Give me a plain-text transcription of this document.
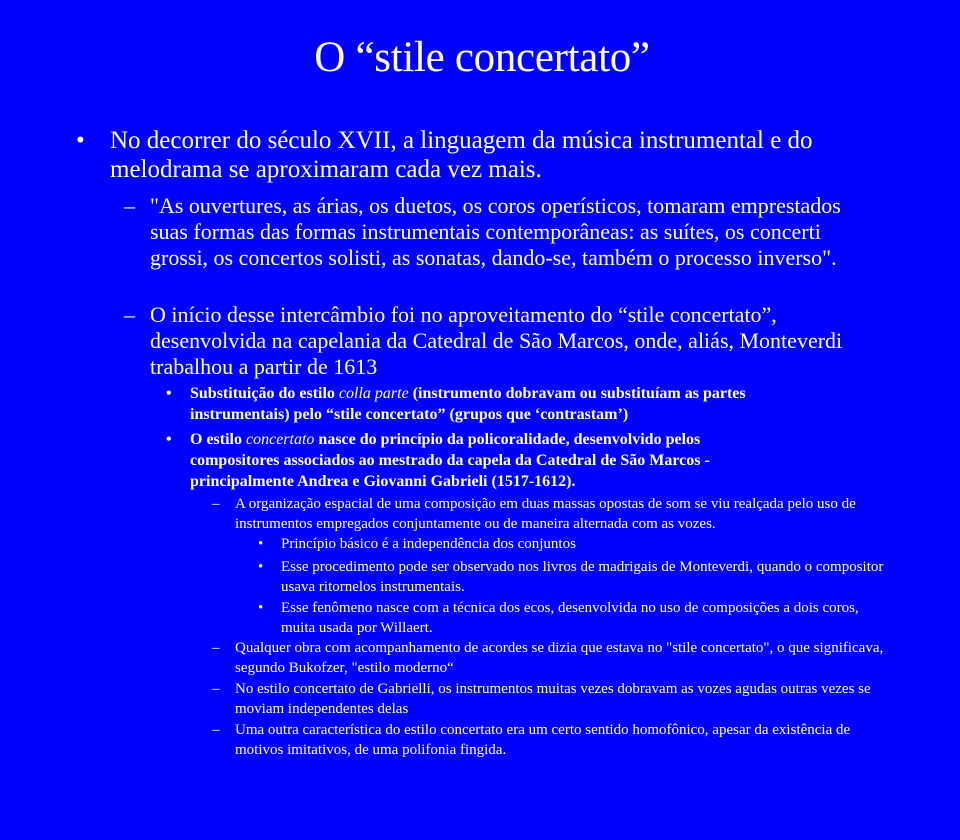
O “stile concertato”
• No decorrer do século XVII, a linguagem da música instrumental e do melodrama se aproximaram cada vez mais.
– "As ouvertures, as árias, os duetos, os coros operísticos, tomaram emprestados suas formas das formas instrumentais contemporâneas: as suítes, os concerti grossi, os concertos solisti, as sonatas, dando-se, também o processo inverso".
– O início desse intercâmbio foi no aproveitamento do “stile concertato”, desenvolvida na capelania da Catedral de São Marcos, onde, aliás, Monteverdi trabalhou a partir de 1613
• Substituição do estilo colla parte (instrumento dobravam ou substituíam as partes instrumentais) pelo “stile concertato” (grupos que ‘contrastam’)
• O estilo concertato nasce do princípio da policoralidade, desenvolvido pelos compositores associados ao mestrado da capela da Catedral de São Marcos - principalmente Andrea e Giovanni Gabrieli (1517-1612).
– A organização espacial de uma composição em duas massas opostas de som se viu realçada pelo uso de instrumentos empregados conjuntamente ou de maneira alternada com as vozes.
• Princípio básico é a independência dos conjuntos
• Esse procedimento pode ser observado nos livros de madrigais de Monteverdi, quando o compositor usava ritornelos instrumentais.
• Esse fenômeno nasce com a técnica dos ecos, desenvolvida no uso de composições a dois coros, muita usada por Willaert.
– Qualquer obra com acompanhamento de acordes se dizia que estava no "stile concertato", o que significava, segundo Bukofzer, "estilo moderno“
– No estilo concertato de Gabrielli, os instrumentos muitas vezes dobravam as vozes agudas outras vezes se moviam independentes delas
– Uma outra característica do estilo concertato era um certo sentido homofônico, apesar da existência de motivos imitativos, de uma polifonia fingida.
